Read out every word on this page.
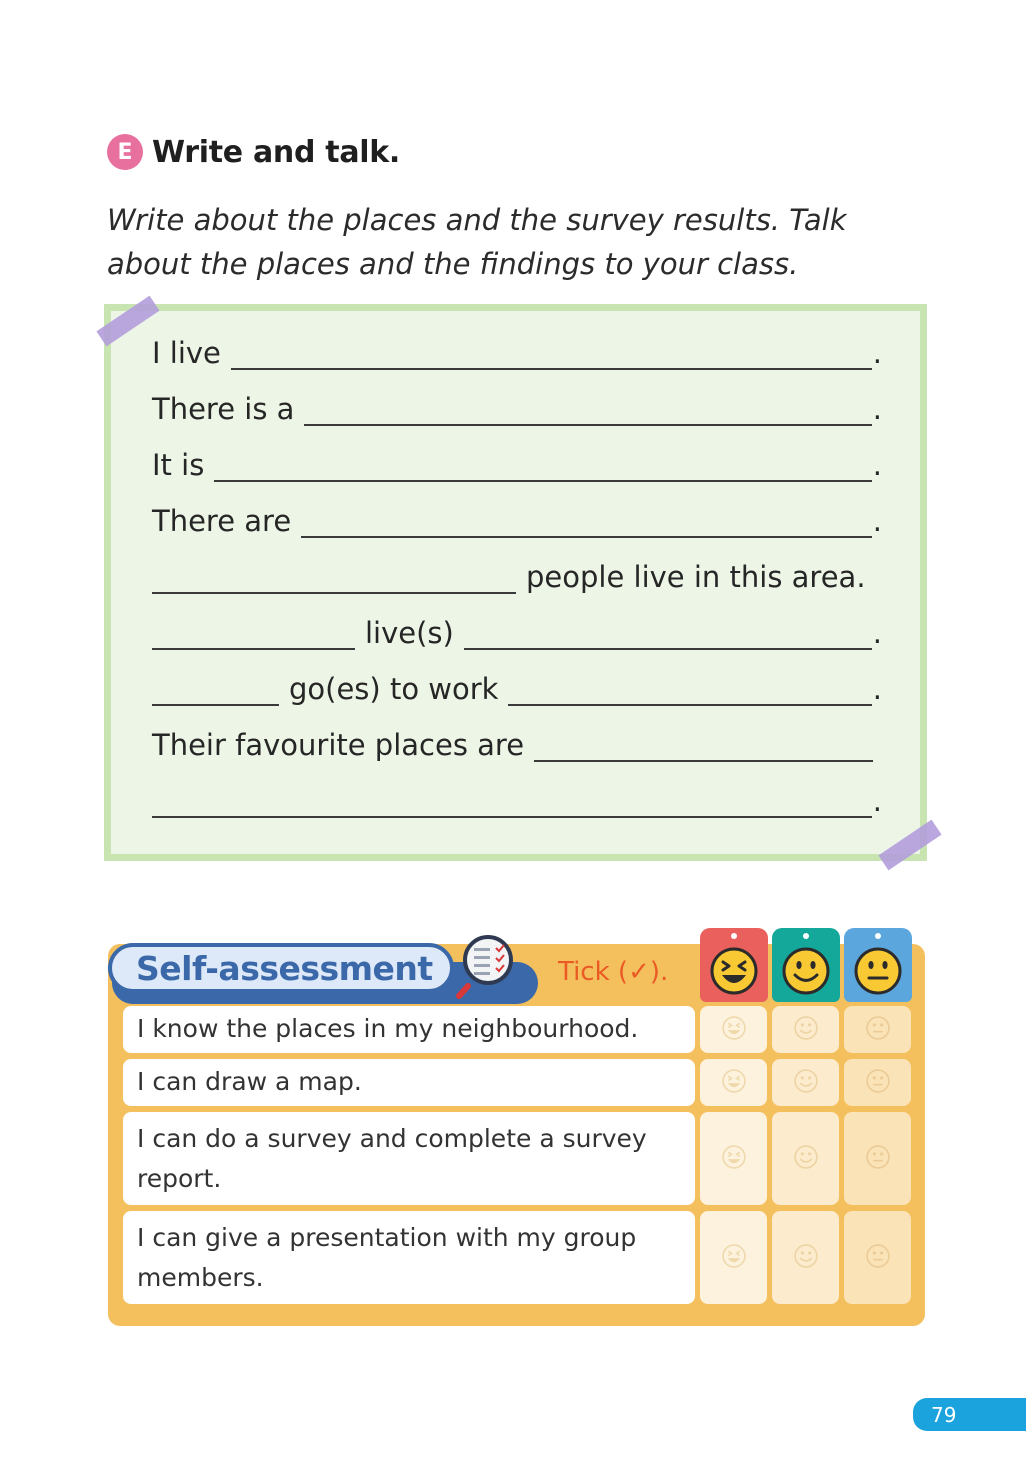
E Write and talk.
Write about the places and the survey results. Talk
about the places and the findings to your class.
I live	.
There is a	.
It is	.
There are	.
people live in this area.
live(s)	.
go(es) to work	.
Their favourite places are
.
Self-assessment	Tick (✓).
I know the places in my neighbourhood.
I can draw a map.
I can do a survey and complete a survey report.
I can give a presentation with my group members.
79
